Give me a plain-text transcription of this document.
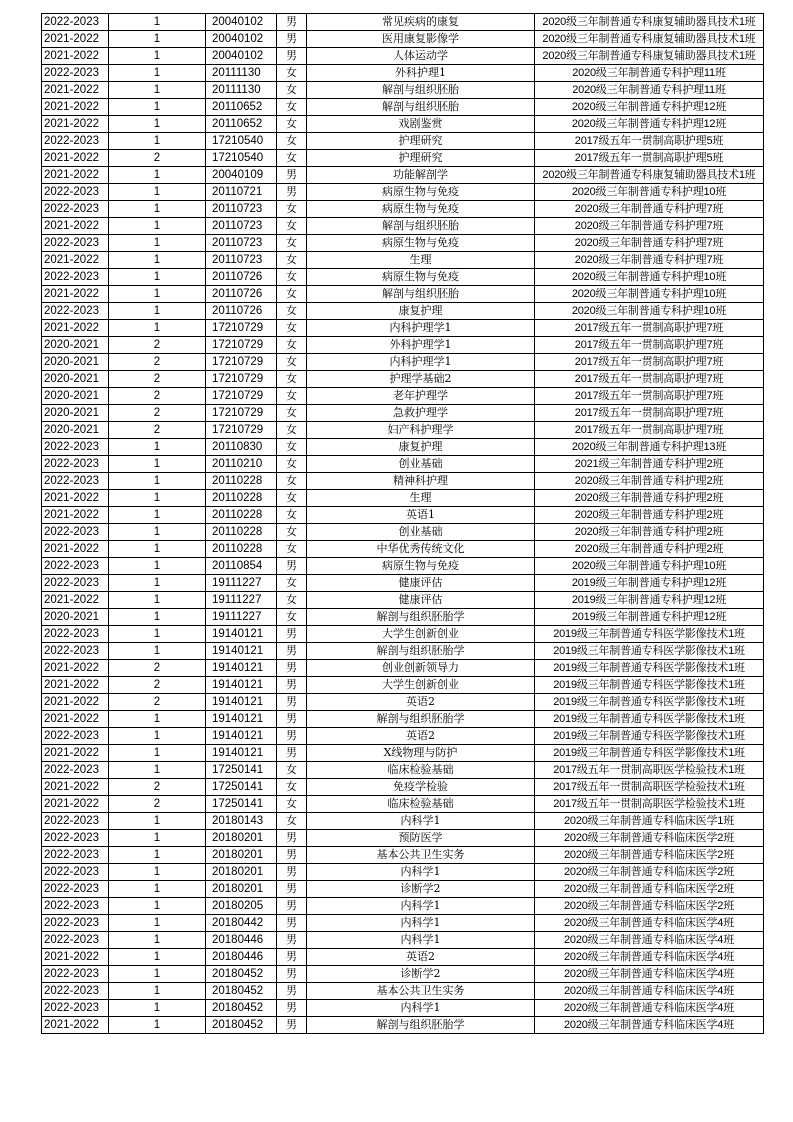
2022-2023	1	20040102	男	常见疾病的康复	2020级三年制普通专科康复辅助器具技术1班
2021-2022	1	20040102	男	医用康复影像学	2020级三年制普通专科康复辅助器具技术1班
2021-2022	1	20040102	男	人体运动学	2020级三年制普通专科康复辅助器具技术1班
2022-2023	1	20111130	女	外科护理1	2020级三年制普通专科护理11班
2021-2022	1	20111130	女	解剖与组织胚胎	2020级三年制普通专科护理11班
2021-2022	1	20110652	女	解剖与组织胚胎	2020级三年制普通专科护理12班
2021-2022	1	20110652	女	戏剧鉴赏	2020级三年制普通专科护理12班
2022-2023	1	17210540	女	护理研究	2017级五年一贯制高职护理5班
2021-2022	2	17210540	女	护理研究	2017级五年一贯制高职护理5班
2021-2022	1	20040109	男	功能解剖学	2020级三年制普通专科康复辅助器具技术1班
2022-2023	1	20110721	男	病原生物与免疫	2020级三年制普通专科护理10班
2022-2023	1	20110723	女	病原生物与免疫	2020级三年制普通专科护理7班
2021-2022	1	20110723	女	解剖与组织胚胎	2020级三年制普通专科护理7班
2022-2023	1	20110723	女	病原生物与免疫	2020级三年制普通专科护理7班
2021-2022	1	20110723	女	生理	2020级三年制普通专科护理7班
2022-2023	1	20110726	女	病原生物与免疫	2020级三年制普通专科护理10班
2021-2022	1	20110726	女	解剖与组织胚胎	2020级三年制普通专科护理10班
2022-2023	1	20110726	女	康复护理	2020级三年制普通专科护理10班
2021-2022	1	17210729	女	内科护理学1	2017级五年一贯制高职护理7班
2020-2021	2	17210729	女	外科护理学1	2017级五年一贯制高职护理7班
2020-2021	2	17210729	女	内科护理学1	2017级五年一贯制高职护理7班
2020-2021	2	17210729	女	护理学基础2	2017级五年一贯制高职护理7班
2020-2021	2	17210729	女	老年护理学	2017级五年一贯制高职护理7班
2020-2021	2	17210729	女	急救护理学	2017级五年一贯制高职护理7班
2020-2021	2	17210729	女	妇产科护理学	2017级五年一贯制高职护理7班
2022-2023	1	20110830	女	康复护理	2020级三年制普通专科护理13班
2022-2023	1	20110210	女	创业基础	2021级三年制普通专科护理2班
2022-2023	1	20110228	女	精神科护理	2020级三年制普通专科护理2班
2021-2022	1	20110228	女	生理	2020级三年制普通专科护理2班
2021-2022	1	20110228	女	英语1	2020级三年制普通专科护理2班
2022-2023	1	20110228	女	创业基础	2020级三年制普通专科护理2班
2021-2022	1	20110228	女	中华优秀传统文化	2020级三年制普通专科护理2班
2022-2023	1	20110854	男	病原生物与免疫	2020级三年制普通专科护理10班
2022-2023	1	19111227	女	健康评估	2019级三年制普通专科护理12班
2021-2022	1	19111227	女	健康评估	2019级三年制普通专科护理12班
2020-2021	1	19111227	女	解剖与组织胚胎学	2019级三年制普通专科护理12班
2022-2023	1	19140121	男	大学生创新创业	2019级三年制普通专科医学影像技术1班
2022-2023	1	19140121	男	解剖与组织胚胎学	2019级三年制普通专科医学影像技术1班
2021-2022	2	19140121	男	创业创新领导力	2019级三年制普通专科医学影像技术1班
2021-2022	2	19140121	男	大学生创新创业	2019级三年制普通专科医学影像技术1班
2021-2022	2	19140121	男	英语2	2019级三年制普通专科医学影像技术1班
2021-2022	1	19140121	男	解剖与组织胚胎学	2019级三年制普通专科医学影像技术1班
2022-2023	1	19140121	男	英语2	2019级三年制普通专科医学影像技术1班
2021-2022	1	19140121	男	X线物理与防护	2019级三年制普通专科医学影像技术1班
2022-2023	1	17250141	女	临床检验基础	2017级五年一贯制高职医学检验技术1班
2021-2022	2	17250141	女	免疫学检验	2017级五年一贯制高职医学检验技术1班
2021-2022	2	17250141	女	临床检验基础	2017级五年一贯制高职医学检验技术1班
2022-2023	1	20180143	女	内科学1	2020级三年制普通专科临床医学1班
2022-2023	1	20180201	男	预防医学	2020级三年制普通专科临床医学2班
2022-2023	1	20180201	男	基本公共卫生实务	2020级三年制普通专科临床医学2班
2022-2023	1	20180201	男	内科学1	2020级三年制普通专科临床医学2班
2022-2023	1	20180201	男	诊断学2	2020级三年制普通专科临床医学2班
2022-2023	1	20180205	男	内科学1	2020级三年制普通专科临床医学2班
2022-2023	1	20180442	男	内科学1	2020级三年制普通专科临床医学4班
2022-2023	1	20180446	男	内科学1	2020级三年制普通专科临床医学4班
2021-2022	1	20180446	男	英语2	2020级三年制普通专科临床医学4班
2022-2023	1	20180452	男	诊断学2	2020级三年制普通专科临床医学4班
2022-2023	1	20180452	男	基本公共卫生实务	2020级三年制普通专科临床医学4班
2022-2023	1	20180452	男	内科学1	2020级三年制普通专科临床医学4班
2021-2022	1	20180452	男	解剖与组织胚胎学	2020级三年制普通专科临床医学4班
